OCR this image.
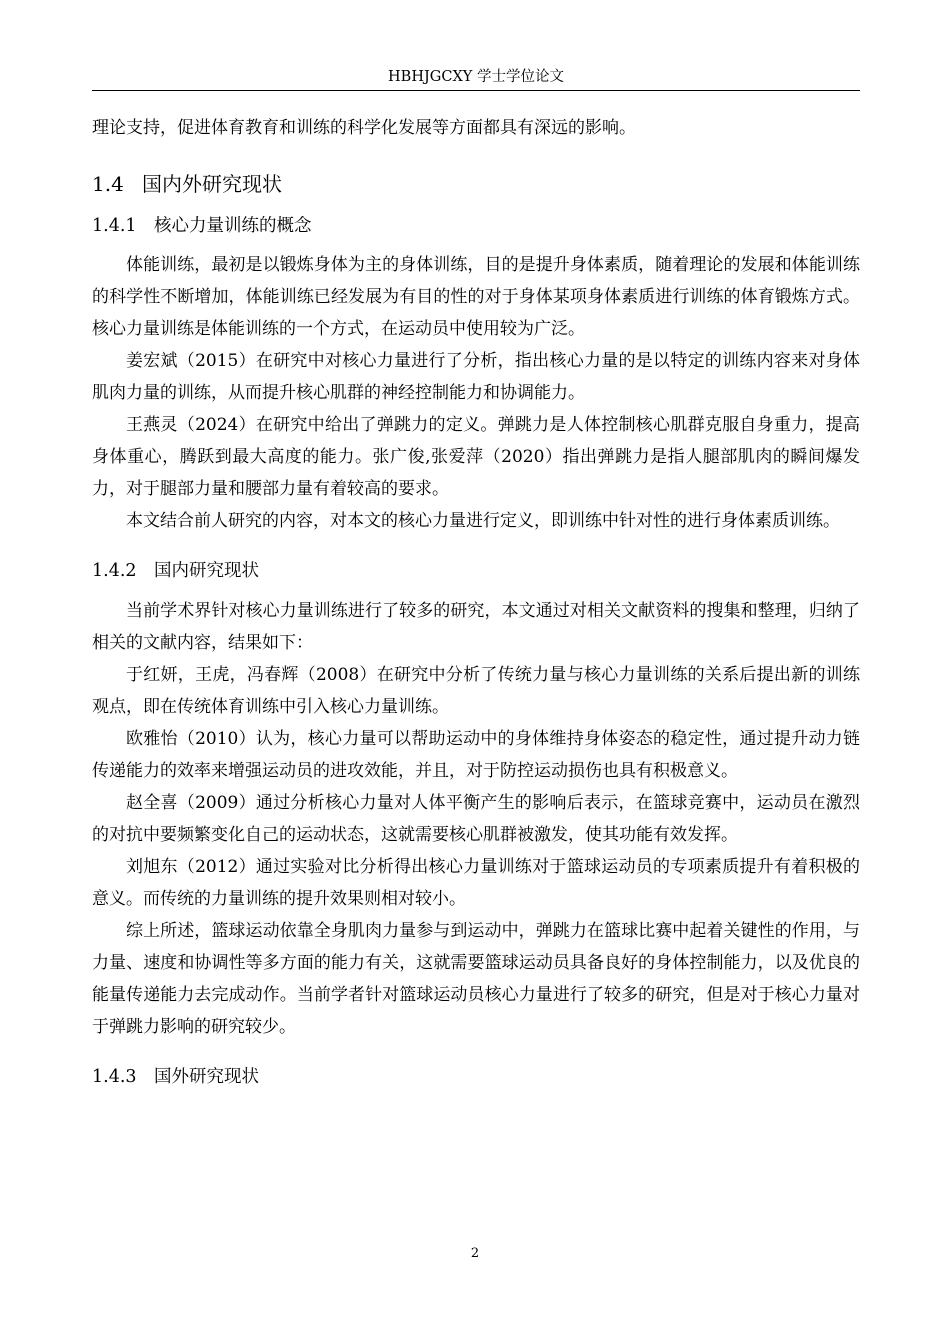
HBHJGCXY 学士学位论文

理论支持，促进体育教育和训练的科学化发展等方面都具有深远的影响。

1.4 国内外研究现状
1.4.1 核心力量训练的概念

体能训练，最初是以锻炼身体为主的身体训练，目的是提升身体素质，随着理论的发展和体能训练的科学性不断增加，体能训练已经发展为有目的性的对于身体某项身体素质进行训练的体育锻炼方式。核心力量训练是体能训练的一个方式，在运动员中使用较为广泛。

姜宏斌（2015）在研究中对核心力量进行了分析，指出核心力量的是以特定的训练内容来对身体肌肉力量的训练，从而提升核心肌群的神经控制能力和协调能力。

王燕灵（2024）在研究中给出了弹跳力的定义。弹跳力是人体控制核心肌群克服自身重力，提高身体重心，腾跃到最大高度的能力。张广俊,张爱萍（2020）指出弹跳力是指人腿部肌肉的瞬间爆发力，对于腿部力量和腰部力量有着较高的要求。

本文结合前人研究的内容，对本文的核心力量进行定义，即训练中针对性的进行身体素质训练。

1.4.2 国内研究现状

当前学术界针对核心力量训练进行了较多的研究，本文通过对相关文献资料的搜集和整理，归纳了相关的文献内容，结果如下：

于红妍，王虎，冯春辉（2008）在研究中分析了传统力量与核心力量训练的关系后提出新的训练观点，即在传统体育训练中引入核心力量训练。

欧雅怡（2010）认为，核心力量可以帮助运动中的身体维持身体姿态的稳定性，通过提升动力链传递能力的效率来增强运动员的进攻效能，并且，对于防控运动损伤也具有积极意义。

赵全喜（2009）通过分析核心力量对人体平衡产生的影响后表示，在篮球竞赛中，运动员在激烈的对抗中要频繁变化自己的运动状态，这就需要核心肌群被激发，使其功能有效发挥。

刘旭东（2012）通过实验对比分析得出核心力量训练对于篮球运动员的专项素质提升有着积极的意义。而传统的力量训练的提升效果则相对较小。

综上所述，篮球运动依靠全身肌肉力量参与到运动中，弹跳力在篮球比赛中起着关键性的作用，与力量、速度和协调性等多方面的能力有关，这就需要篮球运动员具备良好的身体控制能力，以及优良的能量传递能力去完成动作。当前学者针对篮球运动员核心力量进行了较多的研究，但是对于核心力量对于弹跳力影响的研究较少。

1.4.3 国外研究现状
2
